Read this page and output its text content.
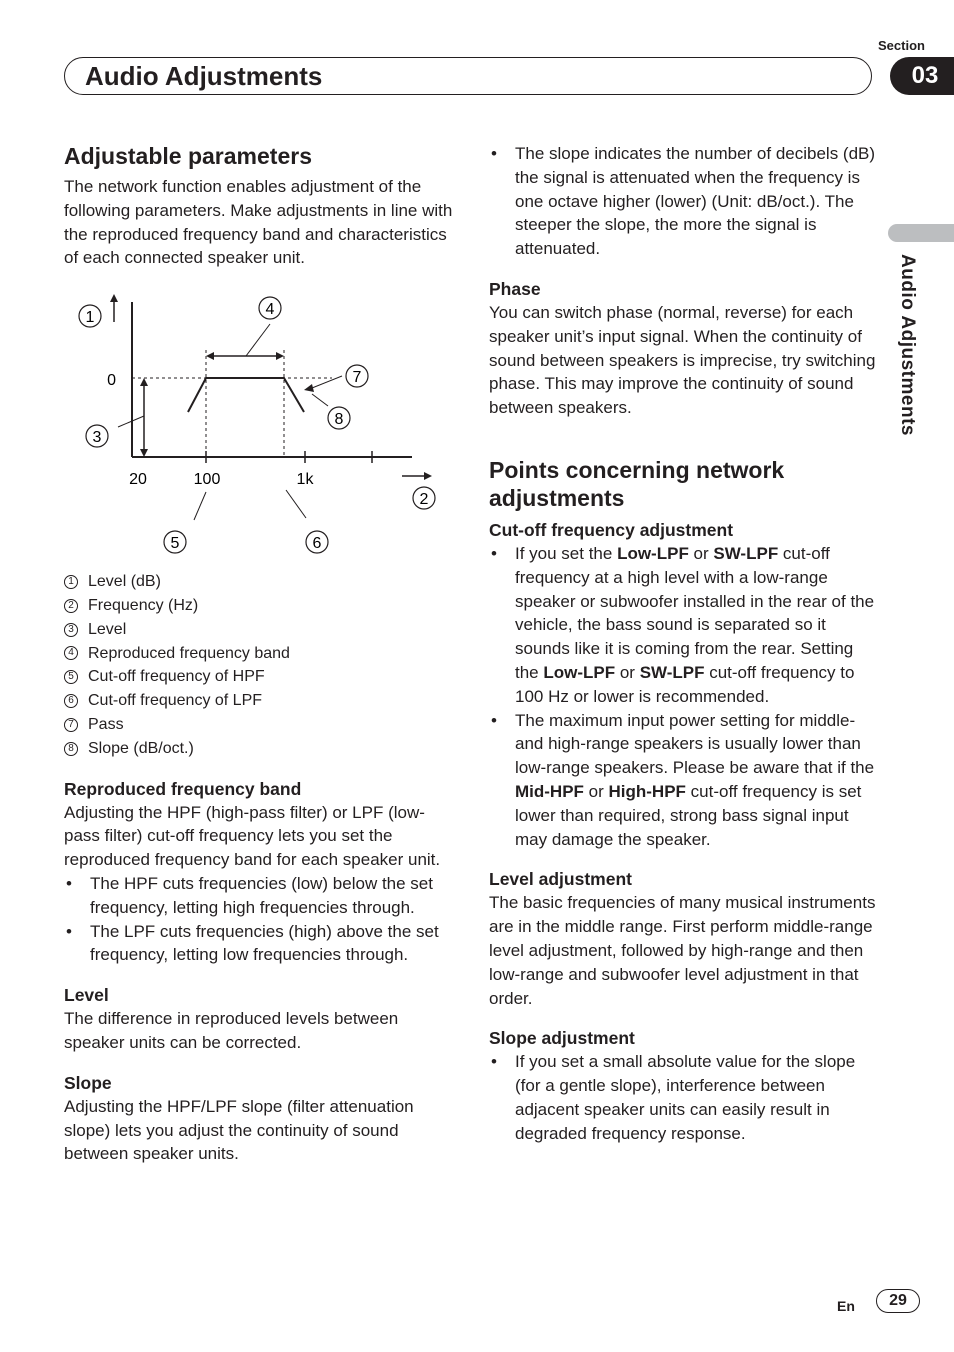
Section
Audio Adjustments	03
Audio Adjustments
Adjustable parameters

The network function enables adjustment of the following parameters. Make adjustments in line with the reproduced frequency band and characteristics of each connected speaker unit.

0
20	100	1k
1
2
3
4
5	6
7
8
1 Level (dB)
2 Frequency (Hz)
3 Level
4 Reproduced frequency band
5 Cut-off frequency of HPF
6 Cut-off frequency of LPF
7 Pass
8 Slope (dB/oct.)
Reproduced frequency band

Adjusting the HPF (high-pass filter) or LPF (low-pass filter) cut-off frequency lets you set the reproduced frequency band for each speaker unit.

• The HPF cuts frequencies (low) below the set frequency, letting high frequencies through.
• The LPF cuts frequencies (high) above the set frequency, letting low frequencies through.
Level

The difference in reproduced levels between speaker units can be corrected.

Slope

Adjusting the HPF/LPF slope (filter attenuation slope) lets you adjust the continuity of sound between speaker units.

• The slope indicates the number of decibels (dB) the signal is attenuated when the frequency is one octave higher (lower) (Unit: dB/oct.). The steeper the slope, the more the signal is attenuated.
Phase

You can switch phase (normal, reverse) for each speaker unit’s input signal. When the continuity of sound between speakers is imprecise, try switching phase. This may improve the continuity of sound between speakers.

Points concerning network adjustments
Cut-off frequency adjustment
• If you set the Low-LPF or SW-LPF cut-off frequency at a high level with a low-range speaker or subwoofer installed in the rear of the vehicle, the bass sound is separated so it sounds like it is coming from the rear. Setting the Low-LPF or SW-LPF cut-off frequency to 100 Hz or lower is recommended.
• The maximum input power setting for middle- and high-range speakers is usually lower than low-range speakers. Please be aware that if the Mid-HPF or High-HPF cut-off frequency is set lower than required, strong bass signal input may damage the speaker.
Level adjustment

The basic frequencies of many musical instruments are in the middle range. First perform middle-range level adjustment, followed by high-range and then low-range and subwoofer level adjustment in that order.

Slope adjustment
• If you set a small absolute value for the slope (for a gentle slope), interference between adjacent speaker units can easily result in degraded frequency response.
En	29
